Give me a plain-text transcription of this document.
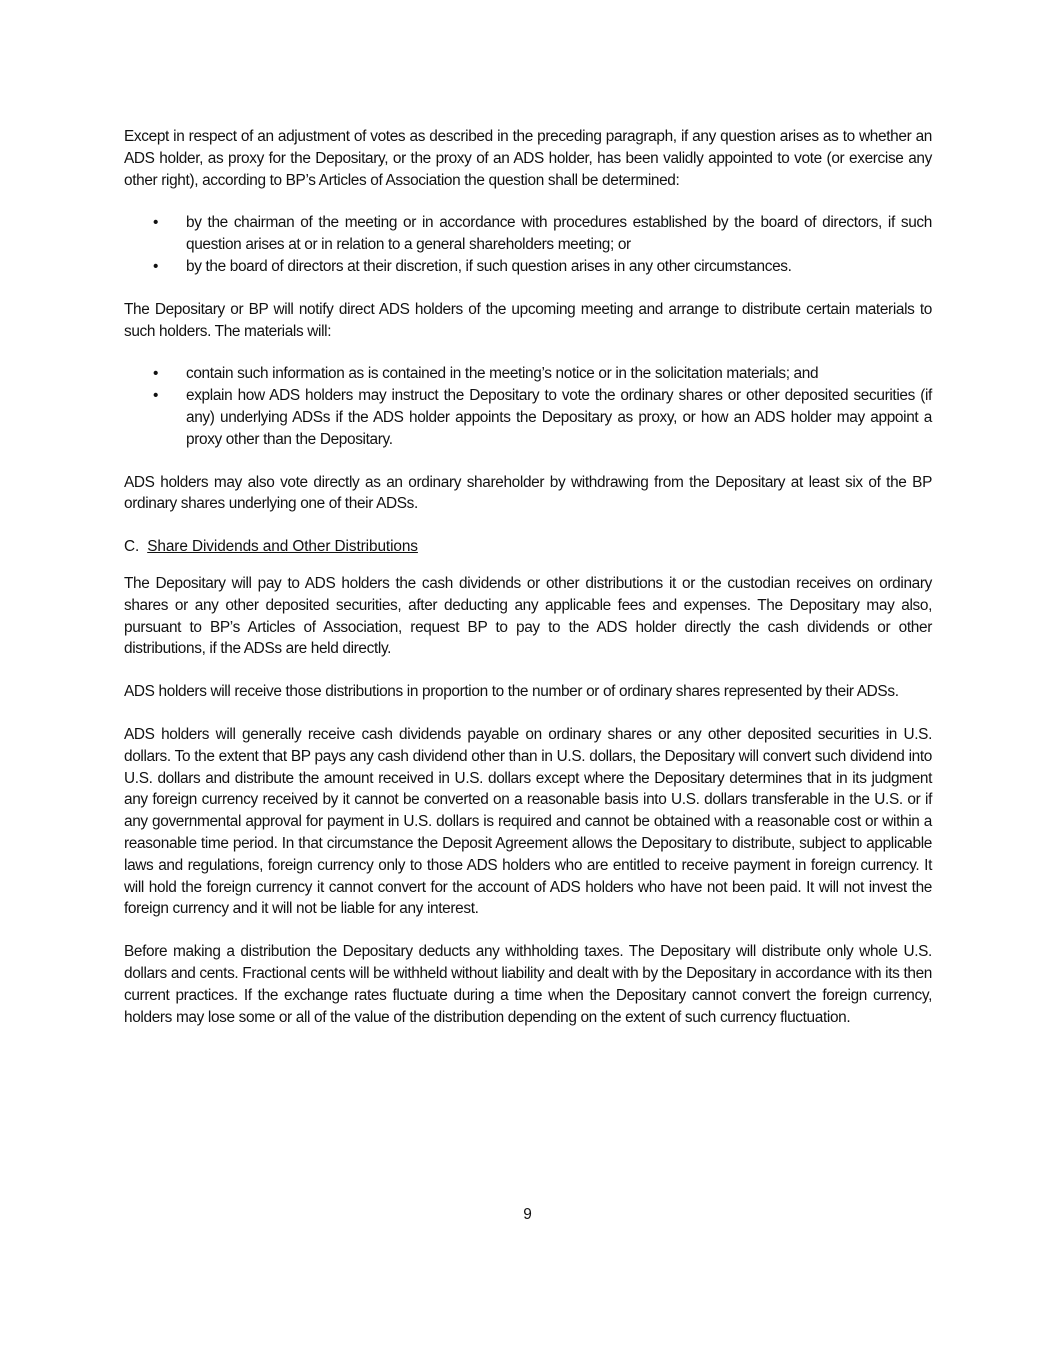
Except in respect of an adjustment of votes as described in the preceding paragraph, if any question arises as to whether an ADS holder, as proxy for the Depositary, or the proxy of an ADS holder, has been validly appointed to vote (or exercise any other right), according to BP’s Articles of Association the question shall be determined:

• by the chairman of the meeting or in accordance with procedures established by the board of directors, if such question arises at or in relation to a general shareholders meeting; or
• by the board of directors at their discretion, if such question arises in any other circumstances.

The Depositary or BP will notify direct ADS holders of the upcoming meeting and arrange to distribute certain materials to such holders. The materials will:

• contain such information as is contained in the meeting’s notice or in the solicitation materials; and
• explain how ADS holders may instruct the Depositary to vote the ordinary shares or other deposited securities (if any) underlying ADSs if the ADS holder appoints the Depositary as proxy, or how an ADS holder may appoint a proxy other than the Depositary.

ADS holders may also vote directly as an ordinary shareholder by withdrawing from the Depositary at least six of the BP ordinary shares underlying one of their ADSs.

C. Share Dividends and Other Distributions

The Depositary will pay to ADS holders the cash dividends or other distributions it or the custodian receives on ordinary shares or any other deposited securities, after deducting any applicable fees and expenses. The Depositary may also, pursuant to BP’s Articles of Association, request BP to pay to the ADS holder directly the cash dividends or other distributions, if the ADSs are held directly.

ADS holders will receive those distributions in proportion to the number or of ordinary shares represented by their ADSs.

ADS holders will generally receive cash dividends payable on ordinary shares or any other deposited securities in U.S. dollars. To the extent that BP pays any cash dividend other than in U.S. dollars, the Depositary will convert such dividend into U.S. dollars and distribute the amount received in U.S. dollars except where the Depositary determines that in its judgment any foreign currency received by it cannot be converted on a reasonable basis into U.S. dollars transferable in the U.S. or if any governmental approval for payment in U.S. dollars is required and cannot be obtained with a reasonable cost or within a reasonable time period. In that circumstance the Deposit Agreement allows the Depositary to distribute, subject to applicable laws and regulations, foreign currency only to those ADS holders who are entitled to receive payment in foreign currency. It will hold the foreign currency it cannot convert for the account of ADS holders who have not been paid. It will not invest the foreign currency and it will not be liable for any interest.

Before making a distribution the Depositary deducts any withholding taxes. The Depositary will distribute only whole U.S. dollars and cents. Fractional cents will be withheld without liability and dealt with by the Depositary in accordance with its then current practices. If the exchange rates fluctuate during a time when the Depositary cannot convert the foreign currency, holders may lose some or all of the value of the distribution depending on the extent of such currency fluctuation.

9
